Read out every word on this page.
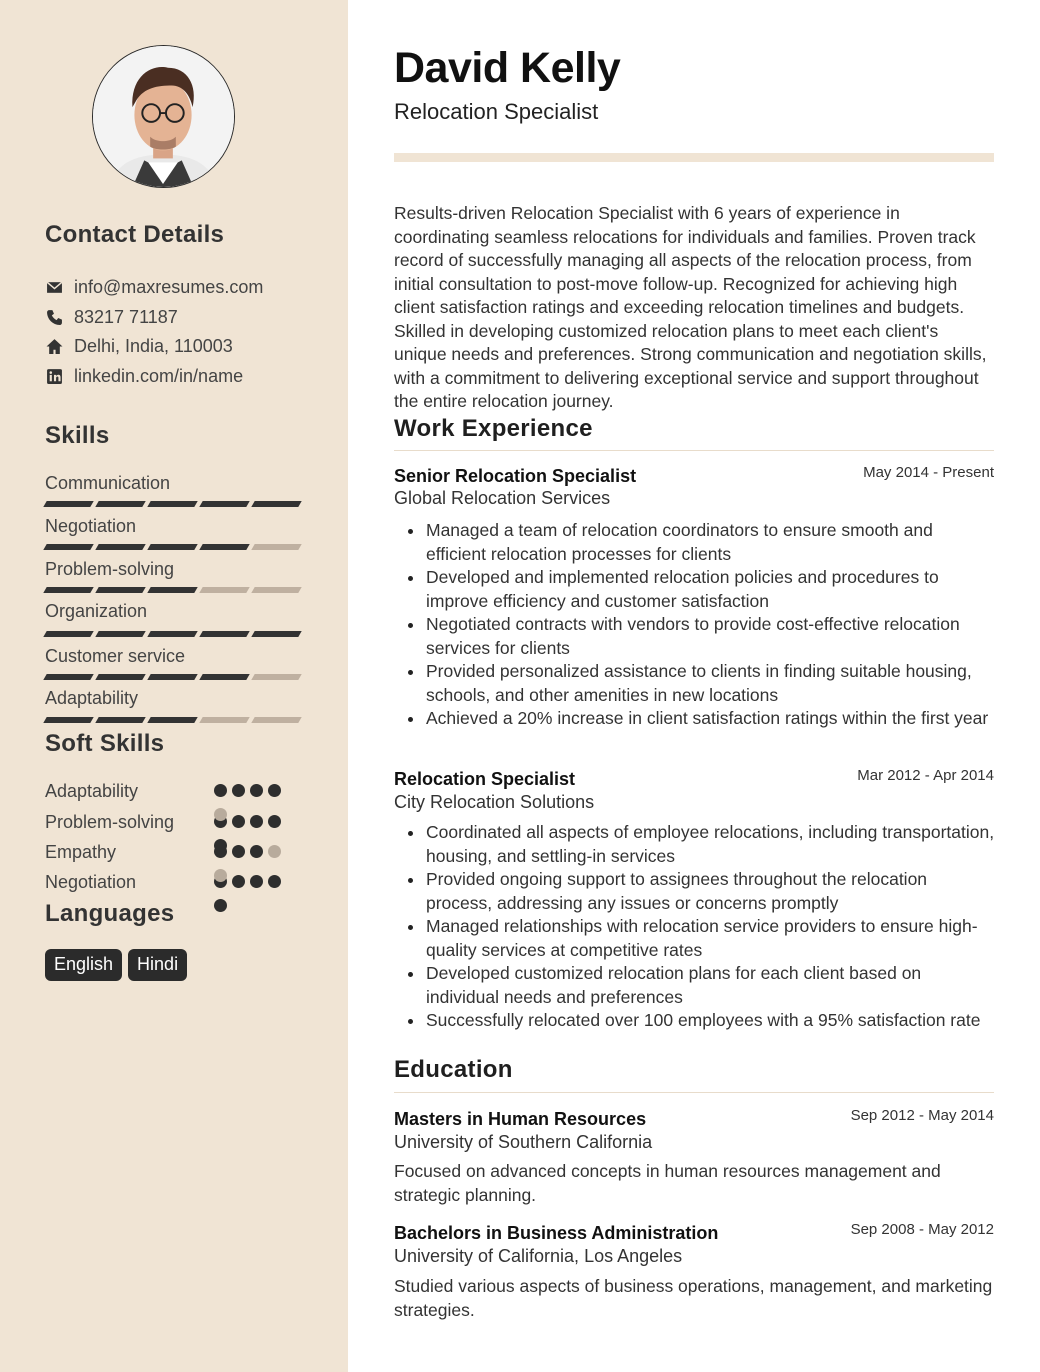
Contact Details
info@maxresumes.com
83217 71187
Delhi, India, 110003
linkedin.com/in/name
Skills
Communication
Negotiation
Problem-solving
Organization
Customer service
Adaptability
Soft Skills
Adaptability
Problem-solving
Empathy
Negotiation
Languages
English	Hindi
David Kelly
Relocation Specialist
Results-driven Relocation Specialist with 6 years of experience in coordinating seamless relocations for individuals and families. Proven track record of successfully managing all aspects of the relocation process, from initial consultation to post-move follow-up. Recognized for achieving high client satisfaction ratings and exceeding relocation timelines and budgets. Skilled in developing customized relocation plans to meet each client's unique needs and preferences. Strong communication and negotiation skills, with a commitment to delivering exceptional service and support throughout the entire relocation journey.
Work Experience
Senior Relocation Specialist	May 2014 - Present
Global Relocation Services
Managed a team of relocation coordinators to ensure smooth and efficient relocation processes for clients
Developed and implemented relocation policies and procedures to improve efficiency and customer satisfaction
Negotiated contracts with vendors to provide cost-effective relocation services for clients
Provided personalized assistance to clients in finding suitable housing, schools, and other amenities in new locations
Achieved a 20% increase in client satisfaction ratings within the first year
Relocation Specialist	Mar 2012 - Apr 2014
City Relocation Solutions
Coordinated all aspects of employee relocations, including transportation, housing, and settling-in services
Provided ongoing support to assignees throughout the relocation process, addressing any issues or concerns promptly
Managed relationships with relocation service providers to ensure high-quality services at competitive rates
Developed customized relocation plans for each client based on individual needs and preferences
Successfully relocated over 100 employees with a 95% satisfaction rate
Education
Masters in Human Resources	Sep 2012 - May 2014
University of Southern California
Focused on advanced concepts in human resources management and strategic planning.
Bachelors in Business Administration	Sep 2008 - May 2012
University of California, Los Angeles
Studied various aspects of business operations, management, and marketing strategies.
